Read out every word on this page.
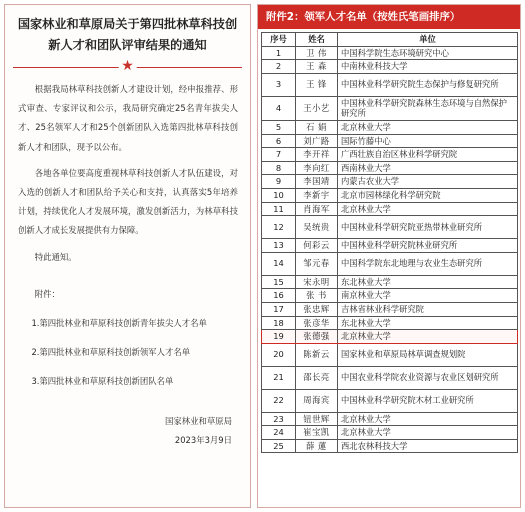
国家林业和草原局关于第四批林草科技创新人才和团队评审结果的通知
★

根据我局林草科技创新人才建设计划，经申报推荐、形式审查、专家评议和公示，我局研究确定25名青年拔尖人才、25名领军人才和25个创新团队入选第四批林草科技创新人才和团队，现予以公布。

各地各单位要高度重视林草科技创新人才队伍建设，对入选的创新人才和团队给予关心和支持，认真落实5年培养计划，持续优化人才发展环境，激发创新活力，为林草科技创新人才成长发展提供有力保障。

特此通知。

附件：

1.第四批林业和草原科技创新青年拔尖人才名单

2.第四批林业和草原科技创新领军人才名单

3.第四批林业和草原科技创新团队名单

国家林业和草原局

2023年3月9日

附件2：领军人才名单（按姓氏笔画排序）
序号	姓名	单位
1	卫 伟	中国科学院生态环境研究中心
2	王 森	中南林业科技大学
3	王 锋	中国林业科学研究院生态保护与修复研究所
4	王小艺	中国林业科学研究院森林生态环境与自然保护研究所
5	石 娟	北京林业大学
6	刘广路	国际竹藤中心
7	李开祥	广西壮族自治区林业科学研究院
8	李向红	西南林业大学
9	李国靖	内蒙古农业大学
10	李新宇	北京市园林绿化科学研究院
11	肖海军	北京林业大学
12	吴统贵	中国林业科学研究院亚热带林业研究所
13	何彩云	中国林业科学研究院林业研究所
14	邹元春	中国科学院东北地理与农业生态研究所
15	宋永明	东北林业大学
16	张 书	南京林业大学
17	张忠辉	吉林省林业科学研究院
18	张彦华	东北林业大学
19	张德强	北京林业大学
20	陈新云	国家林业和草原局林草调查规划院
21	邵长亮	中国农业科学院农业资源与农业区划研究所
22	周海宾	中国林业科学研究院木材工业研究所
23	钮世辉	北京林业大学
24	崔宝凯	北京林业大学
25	薛 蓮	西北农林科技大学
